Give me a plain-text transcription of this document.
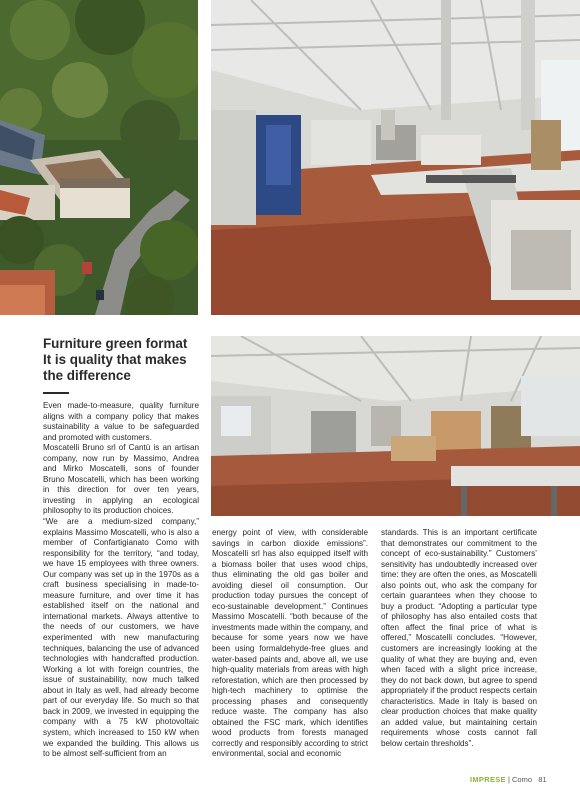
Furniture green format
It is quality that makes
the difference

Even made-to-measure, quality furniture aligns with a company policy that makes sustainability a value to be safeguarded and promoted with customers.

Moscatelli Bruno srl of Cantù is an artisan company, now run by Massimo, Andrea and Mirko Moscatelli, sons of founder Bruno Moscatelli, which has been working in this direction for over ten years, investing in applying an ecological philosophy to its production choices.

“We are a medium-sized company,” explains Massimo Moscatelli, who is also a member of Confartigianato Como with responsibility for the territory, “and today, we have 15 employees with three owners. Our company was set up in the 1970s as a craft business specialising in made-to-measure furniture, and over time it has established itself on the national and international markets. Always attentive to the needs of our customers, we have experimented with new manufacturing techniques, balancing the use of advanced technologies with handcrafted production. Working a lot with foreign countries, the issue of sustainability, now much talked about in Italy as well, had already become part of our everyday life. So much so that back in 2009, we invested in equipping the company with a 75 kW photovoltaic system, which increased to 150 kW when we expanded the building. This allows us to be almost self-sufficient from an

energy point of view, with considerable savings in carbon dioxide emissions”. Moscatelli srl has also equipped itself with a biomass boiler that uses wood chips, thus eliminating the old gas boiler and avoiding diesel oil consumption. Our production today pursues the concept of eco-sustainable development.” Continues Massimo Moscatelli. “both because of the investments made within the company, and because for some years now we have been using formaldehyde-free glues and water-based paints and, above all, we use high-quality materials from areas with high reforestation, which are then processed by high-tech machinery to optimise the processing phases and consequently reduce waste. The company has also obtained the FSC mark, which identifies wood products from forests managed correctly and responsibly according to strict environmental, social and economic

standards. This is an important certificate that demonstrates our commitment to the concept of eco-sustainability.” Customers’ sensitivity has undoubtedly increased over time: they are often the ones, as Moscatelli also points out, who ask the company for certain guarantees when they choose to buy a product. “Adopting a particular type of philosophy has also entailed costs that often affect the final price of what is offered,” Moscatelli concludes. “However, customers are increasingly looking at the quality of what they are buying and, even when faced with a slight price increase, they do not back down, but agree to spend appropriately if the product respects certain characteristics. Made in Italy is based on clear production choices that make quality an added value, but maintaining certain requirements whose costs cannot fall below certain thresholds”.

IMPRESE | Como 81
